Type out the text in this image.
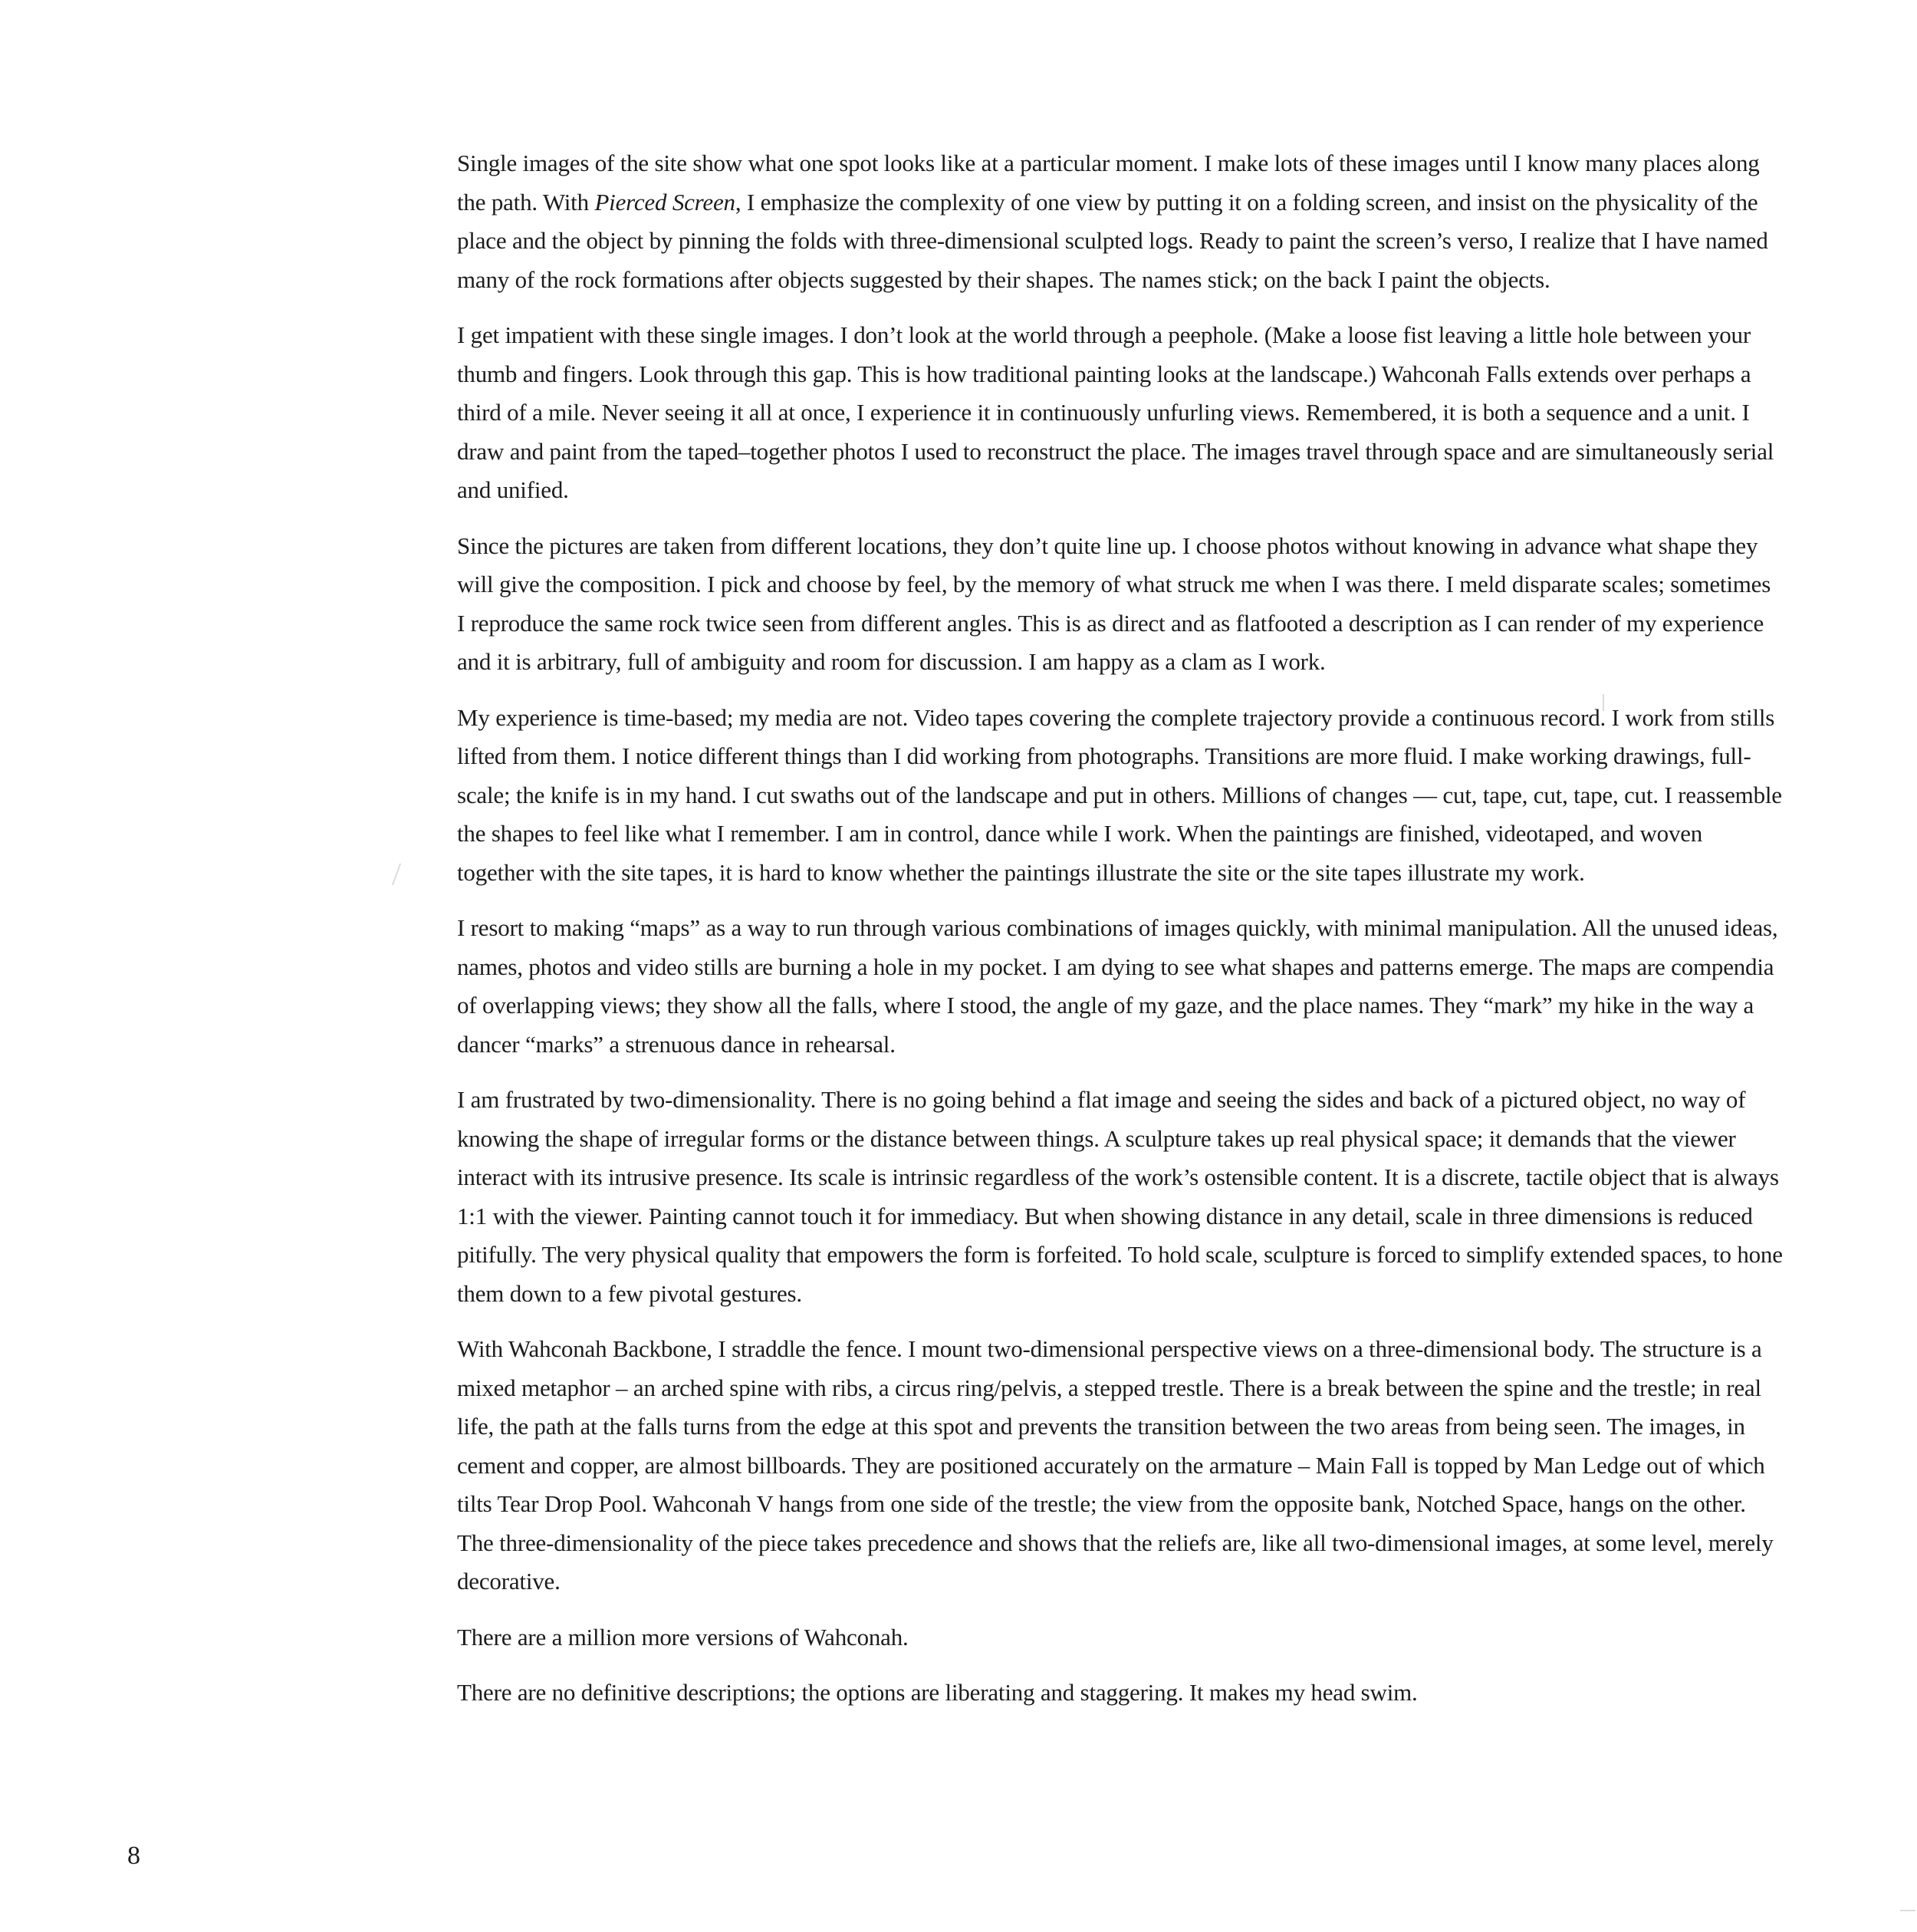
Single images of the site show what one spot looks like at a particular moment. I make lots of these images until I know many places along the path. With Pierced Screen, I emphasize the complexity of one view by putting it on a folding screen, and insist on the physicality of the place and the object by pinning the folds with three-dimensional sculpted logs. Ready to paint the screen’s verso, I realize that I have named many of the rock formations after objects suggested by their shapes. The names stick; on the back I paint the objects.

I get impatient with these single images. I don’t look at the world through a peephole. (Make a loose fist leaving a little hole between your thumb and fingers. Look through this gap. This is how traditional painting looks at the landscape.) Wahconah Falls extends over perhaps a third of a mile. Never seeing it all at once, I experience it in continuously unfurling views. Remembered, it is both a sequence and a unit. I draw and paint from the taped–together photos I used to reconstruct the place. The images travel through space and are simultaneously serial and unified.

Since the pictures are taken from different locations, they don’t quite line up. I choose photos without knowing in advance what shape they will give the composition. I pick and choose by feel, by the memory of what struck me when I was there. I meld disparate scales; sometimes I reproduce the same rock twice seen from different angles. This is as direct and as flatfooted a description as I can render of my experience and it is arbitrary, full of ambiguity and room for discussion. I am happy as a clam as I work.

My experience is time-based; my media are not. Video tapes covering the complete trajectory provide a continuous record. I work from stills lifted from them. I notice different things than I did working from photographs. Transitions are more fluid. I make working drawings, full-scale; the knife is in my hand. I cut swaths out of the landscape and put in others. Millions of changes — cut, tape, cut, tape, cut. I reassemble the shapes to feel like what I remember. I am in control, dance while I work. When the paintings are finished, videotaped, and woven together with the site tapes, it is hard to know whether the paintings illustrate the site or the site tapes illustrate my work.

I resort to making “maps” as a way to run through various combinations of images quickly, with minimal manipulation. All the unused ideas, names, photos and video stills are burning a hole in my pocket. I am dying to see what shapes and patterns emerge. The maps are compendia of overlapping views; they show all the falls, where I stood, the angle of my gaze, and the place names. They “mark” my hike in the way a dancer “marks” a strenuous dance in rehearsal.

I am frustrated by two-dimensionality. There is no going behind a flat image and seeing the sides and back of a pictured object, no way of knowing the shape of irregular forms or the distance between things. A sculpture takes up real physical space; it demands that the viewer interact with its intrusive presence. Its scale is intrinsic regardless of the work’s ostensible content. It is a discrete, tactile object that is always 1:1 with the viewer. Painting cannot touch it for immediacy. But when showing distance in any detail, scale in three dimensions is reduced pitifully. The very physical quality that empowers the form is forfeited. To hold scale, sculpture is forced to simplify extended spaces, to hone them down to a few pivotal gestures.

With Wahconah Backbone, I straddle the fence. I mount two-dimensional perspective views on a three-dimensional body. The structure is a mixed metaphor – an arched spine with ribs, a circus ring/pelvis, a stepped trestle. There is a break between the spine and the trestle; in real life, the path at the falls turns from the edge at this spot and prevents the transition between the two areas from being seen. The images, in cement and copper, are almost billboards. They are positioned accurately on the armature – Main Fall is topped by Man Ledge out of which tilts Tear Drop Pool. Wahconah V hangs from one side of the trestle; the view from the opposite bank, Notched Space, hangs on the other. The three-dimensionality of the piece takes precedence and shows that the reliefs are, like all two-dimensional images, at some level, merely decorative.

There are a million more versions of Wahconah.

There are no definitive descriptions; the options are liberating and staggering. It makes my head swim.

8
